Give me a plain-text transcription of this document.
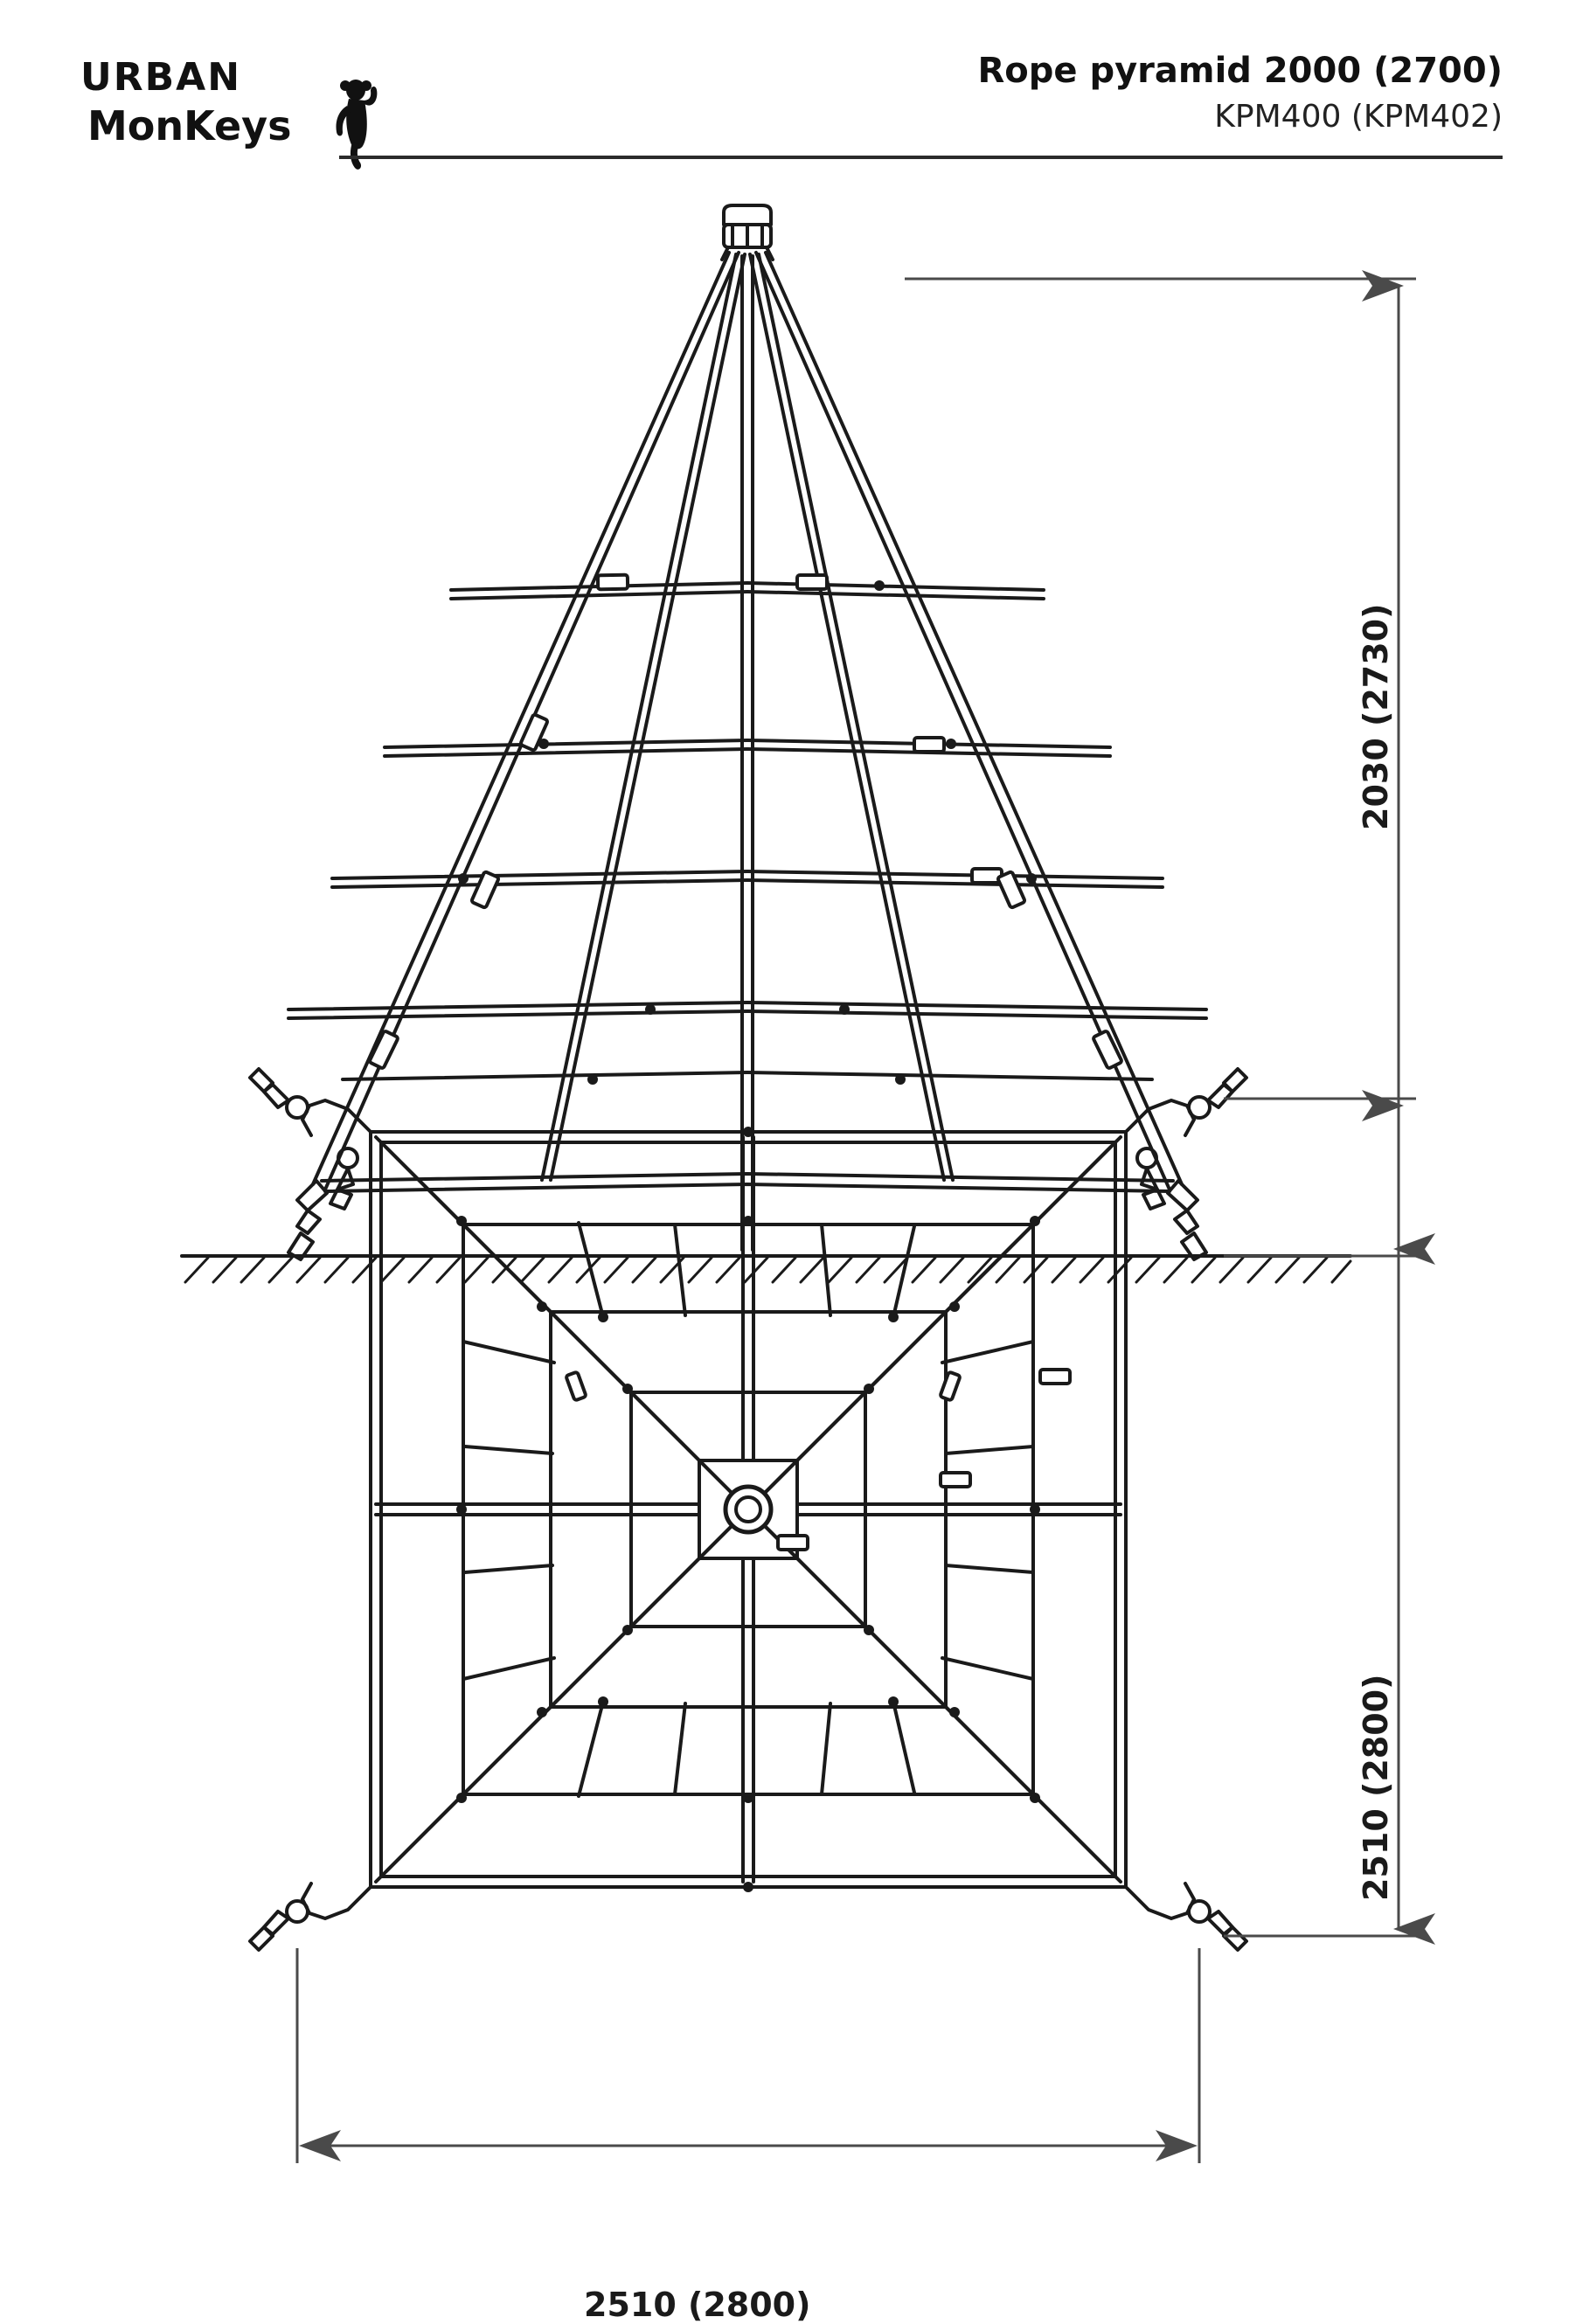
URBAN
MonKeys
Rope pyramid 2000 (2700)
KPM400 (KPM402)
2030 (2730)
2510 (2800)
2510 (2800)
